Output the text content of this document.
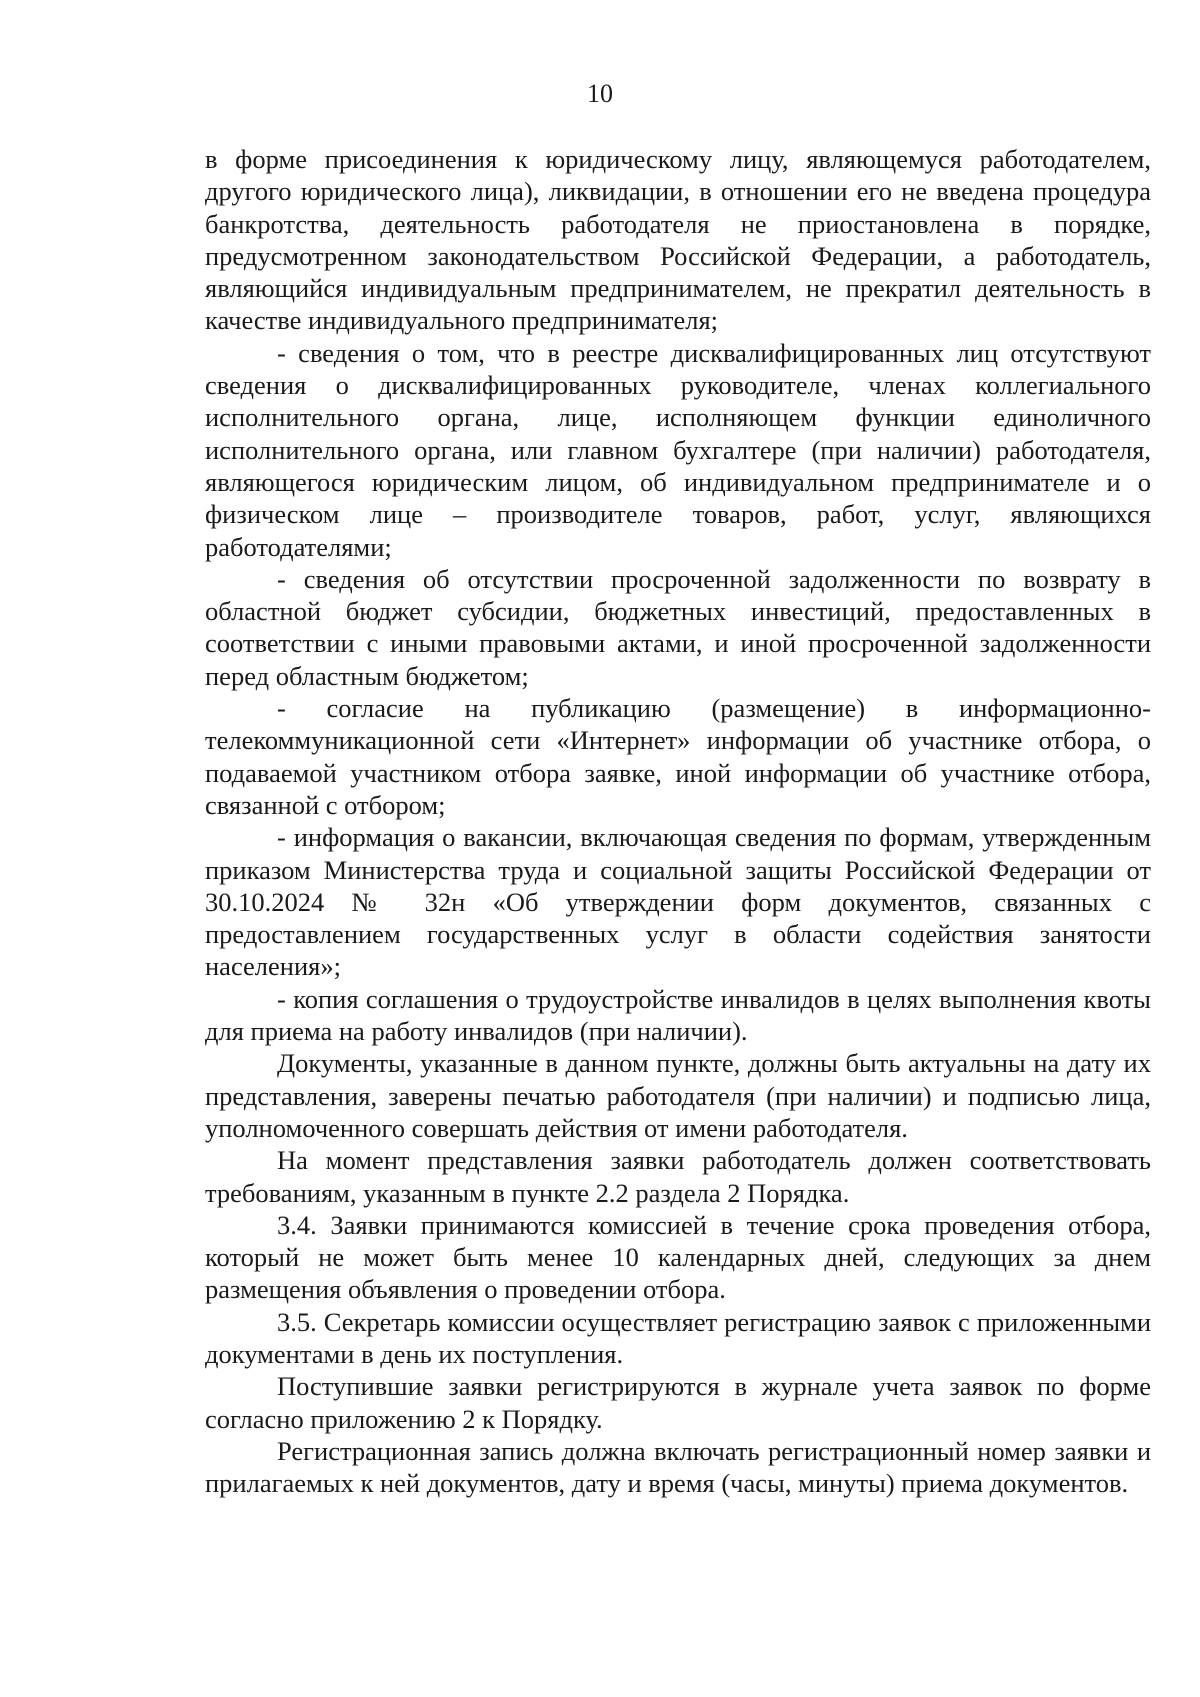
10

в форме присоединения к юридическому лицу, являющемуся работодателем, другого юридического лица), ликвидации, в отношении его не введена процедура банкротства, деятельность работодателя не приостановлена в порядке, предусмотренном законодательством Российской Федерации, а работодатель, являющийся индивидуальным предпринимателем, не прекратил деятельность в качестве индивидуального предпринимателя;

- сведения о том, что в реестре дисквалифицированных лиц отсутствуют сведения о дисквалифицированных руководителе, членах коллегиального исполнительного органа, лице, исполняющем функции единоличного исполнительного органа, или главном бухгалтере (при наличии) работодателя, являющегося юридическим лицом, об индивидуальном предпринимателе и о физическом лице – производителе товаров, работ, услуг, являющихся работодателями;

- сведения об отсутствии просроченной задолженности по возврату в областной бюджет субсидии, бюджетных инвестиций, предоставленных в соответствии с иными правовыми актами, и иной просроченной задолженности перед областным бюджетом;

- согласие на публикацию (размещение) в информационно-телекоммуникационной сети «Интернет» информации об участнике отбора, о подаваемой участником отбора заявке, иной информации об участнике отбора, связанной с отбором;

- информация о вакансии, включающая сведения по формам, утвержденным приказом Министерства труда и социальной защиты Российской Федерации от 30.10.2024 № 32н «Об утверждении форм документов, связанных с предоставлением государственных услуг в области содействия занятости населения»;

- копия соглашения о трудоустройстве инвалидов в целях выполнения квоты для приема на работу инвалидов (при наличии).

Документы, указанные в данном пункте, должны быть актуальны на дату их представления, заверены печатью работодателя (при наличии) и подписью лица, уполномоченного совершать действия от имени работодателя.

На момент представления заявки работодатель должен соответствовать требованиям, указанным в пункте 2.2 раздела 2 Порядка.

3.4. Заявки принимаются комиссией в течение срока проведения отбора, который не может быть менее 10 календарных дней, следующих за днем размещения объявления о проведении отбора.

3.5. Секретарь комиссии осуществляет регистрацию заявок с приложенными документами в день их поступления.

Поступившие заявки регистрируются в журнале учета заявок по форме согласно приложению 2 к Порядку.

Регистрационная запись должна включать регистрационный номер заявки и прилагаемых к ней документов, дату и время (часы, минуты) приема документов.
